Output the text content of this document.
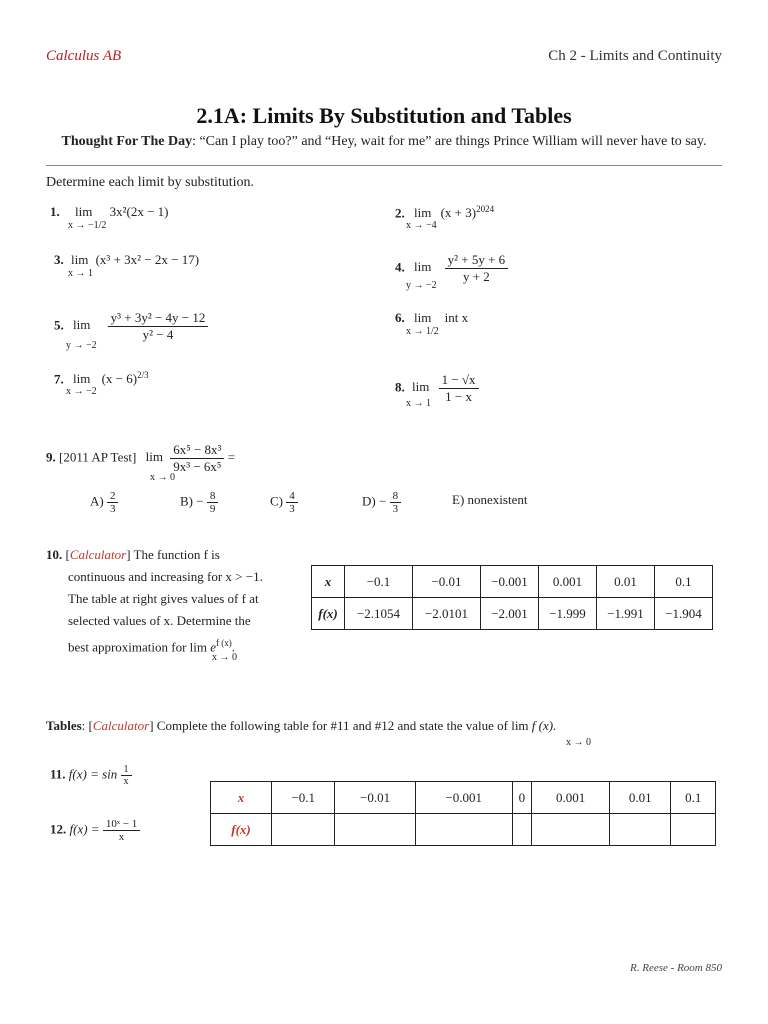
Calculus AB	Ch 2 - Limits and Continuity
2.1A: Limits By Substitution and Tables
Thought For The Day: “Can I play too?” and “Hey, wait for me” are things Prince William will never have to say.
Determine each limit by substitution.
1. lim 3x²(2x − 1)
x → −1/2
2. $\lim (x + 3)^{2024}$
x → −4
3. lim (x³ + 3x² − 2x − 17)
x → 1	4. $\lim \frac{\text{y² + 5y + 6}}{y + 2}$
y → −2
5. $\lim \frac{\text{y³ + 3y² − 4y − 12}}{\text{y² − 4}}$
y → −2
6. lim int x
x → 1/2
7. $\lim (x - 6)^{2/3}$
x → −2	8. $\lim \frac{1 - √x}{1 - x}$
x → 1
9. [2011 AP Test] $\lim \frac{\text{6x⁵ − 8x³}}{\text{9x³ − 6x⁵}}$ =
x → 0
$A) \frac{2}{3}$	$B) - \frac{8}{9}$	$C) \frac{4}{3}$	$D) - \frac{8}{3}$	E) nonexistent
10. [Calculator] The function f is
continuous and increasing for x > −1.
The table at right gives values of f at
selected values of x. Determine the
best approximation for $\lim e^{f (x)}$.
x → 0
x	−0.1	−0.01	−0.001	0.001	0.01	0.1
f(x)	−2.1054	−2.0101	−2.001	−1.999	−1.991	−1.904
Tables: [Calculator] Complete the following table for #11 and #12 and state the value of lim f (x).
x → 0
11. $f(x) = \sin \frac{1}{x}$
12. $f(x) = \frac{\text{10ˣ − 1}}{x}$
x	−0.1	−0.01	−0.001	0	0.001	0.01	0.1
f(x)							
R. Reese - Room 850
